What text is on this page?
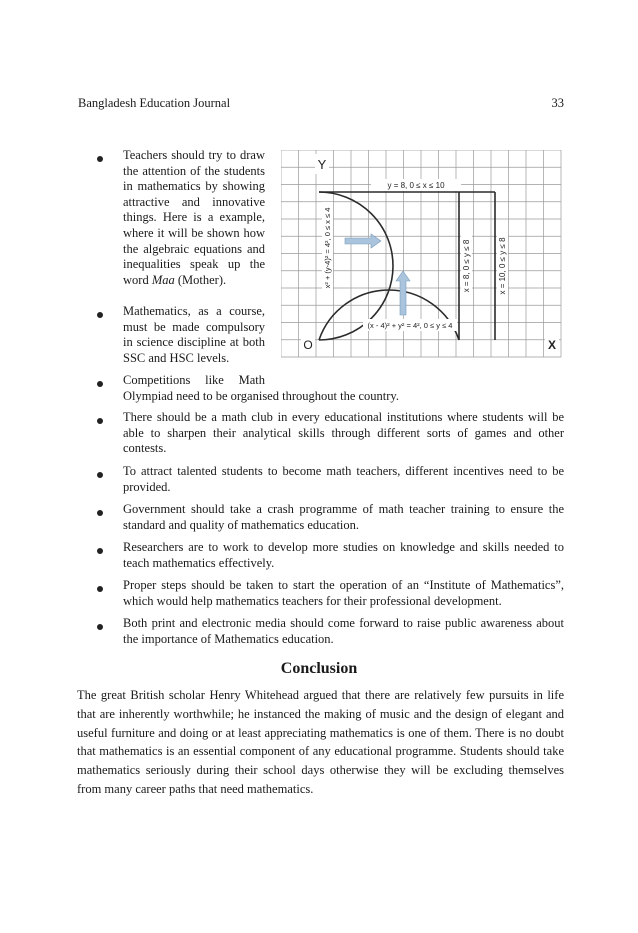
Bangladesh Education Journal	33
Teachers should try to draw the attention of the students in mathematics by showing attractive and innovative things. Here is a example, where it will be shown how the algebraic equations and inequalities speak up the word Maa (Mother).
Mathematics, as a course, must be made compulsory in science discipline at both SSC and HSC levels.
Competitions like Math
Olympiad need to be organised throughout the country.
There should be a math club in every educational institutions where students will be able to sharpen their analytical skills through different sorts of games and other contests.
To attract talented students to become math teachers, different incentives need to be provided.
Government should take a crash programme of math teacher training to ensure the standard and quality of mathematics education.
Researchers are to work to develop more studies on knowledge and skills needed to teach mathematics effectively.
Proper steps should be taken to start the operation of an “Institute of Mathematics”, which would help mathematics teachers for their professional development.
Both print and electronic media should come forward to raise public awareness about the importance of Mathematics education.
Y
y = 8, 0 ≤ x ≤ 10
x = 8, 0 ≤ y ≤ 8	x = 10, 0 ≤ y ≤ 8
x² + (y-4)² = 4², 0 ≤ x ≤ 4
(x - 4)² + y² = 4², 0 ≤ y ≤ 4
O	X
Conclusion
The great British scholar Henry Whitehead argued that there are relatively few pursuits in life that are inherently worthwhile; he instanced the making of music and the design of elegant and useful furniture and doing or at least appreciating mathematics is one of them. There is no doubt that mathematics is an essential component of any educational programme. Students should take mathematics seriously during their school days otherwise they will be excluding themselves from many career paths that need mathematics.
